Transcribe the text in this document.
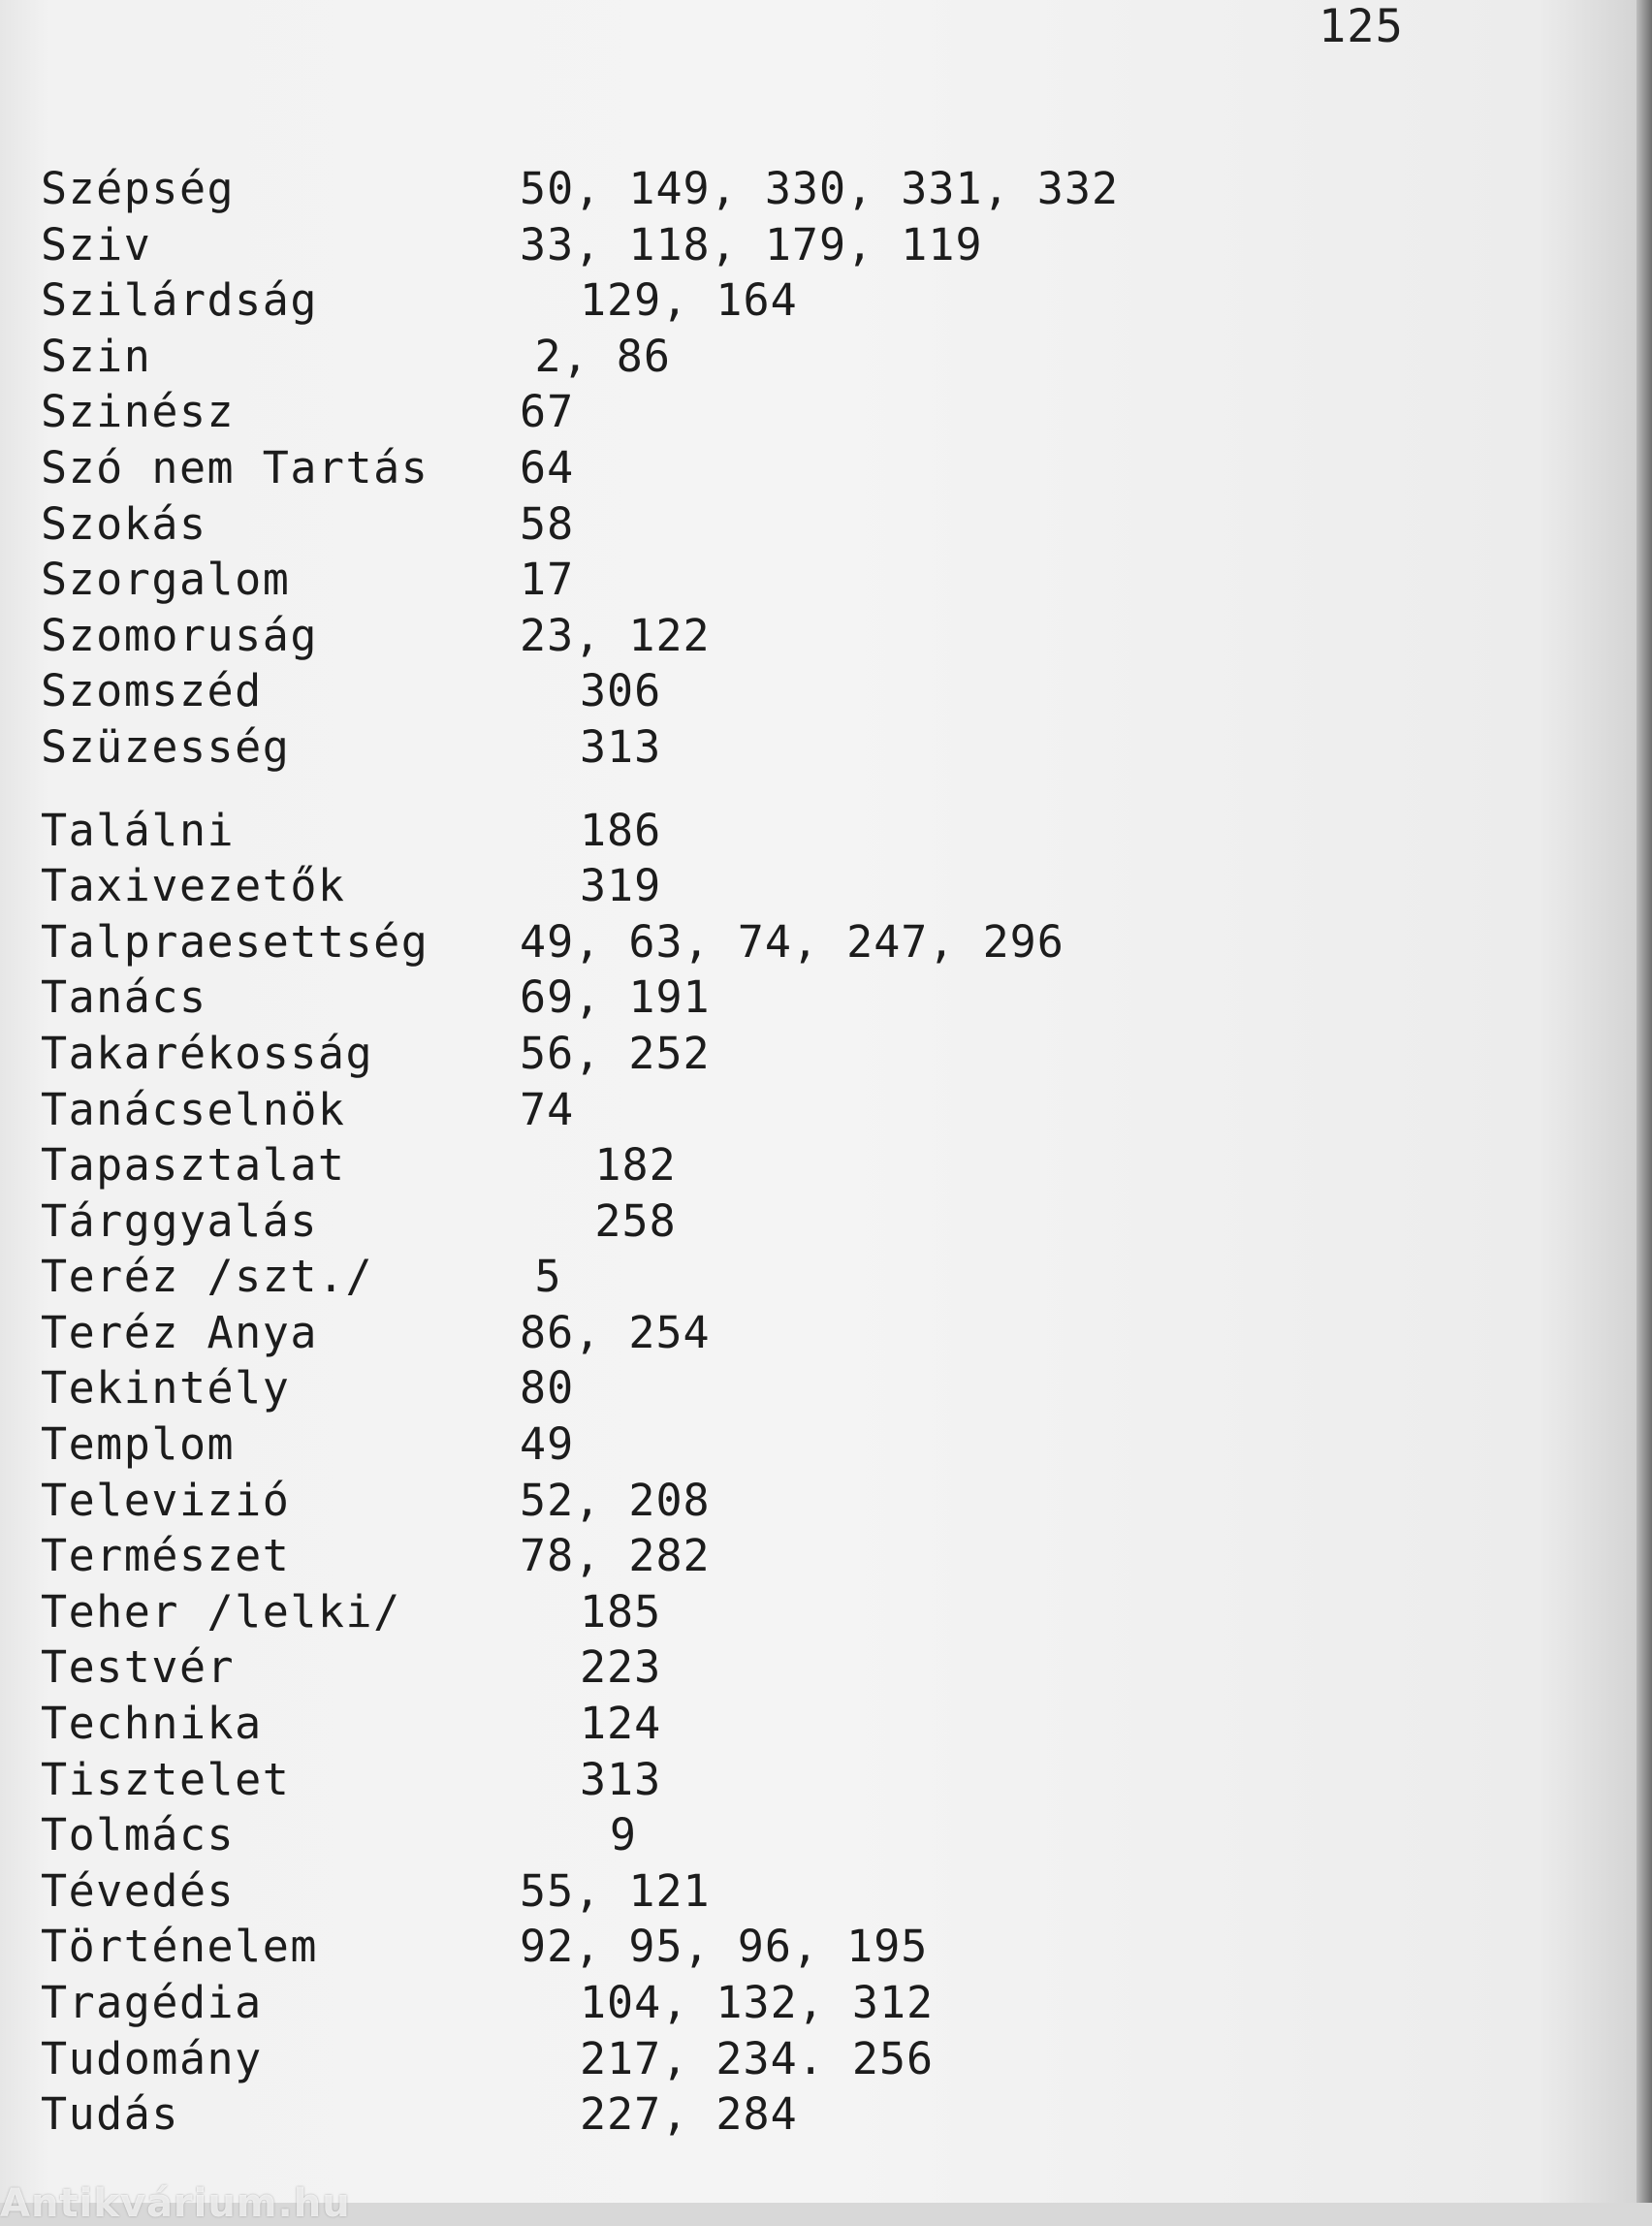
125
Szépség	50, 149, 330, 331, 332
Sziv	33, 118, 179, 119
Szilárdság	129, 164
Szin	2, 86
Szinész	67
Szó nem Tartás 64
Szokás	58
Szorgalom	17
Szomoruság	23, 122
Szomszéd	306
Szüzesség	313
Találni	186
Taxivezetők	319
Talpraesettség 49, 63, 74, 247, 296
Tanács	69, 191
Takarékosság	56, 252
Tanácselnök	74
Tapasztalat	182
Tárggyalás	258
Teréz /szt./	5
Teréz Anya	86, 254
Tekintély	80
Templom	49
Televizió	52, 208
Természet	78, 282
Teher /lelki/	185
Testvér	223
Technika	124
Tisztelet	313
Tolmács	9
Tévedés	55, 121
Történelem	92, 95, 96, 195
Tragédia	104, 132, 312
Tudomány	217, 234. 256
Tudás	227, 284
Antikvárium.hu
